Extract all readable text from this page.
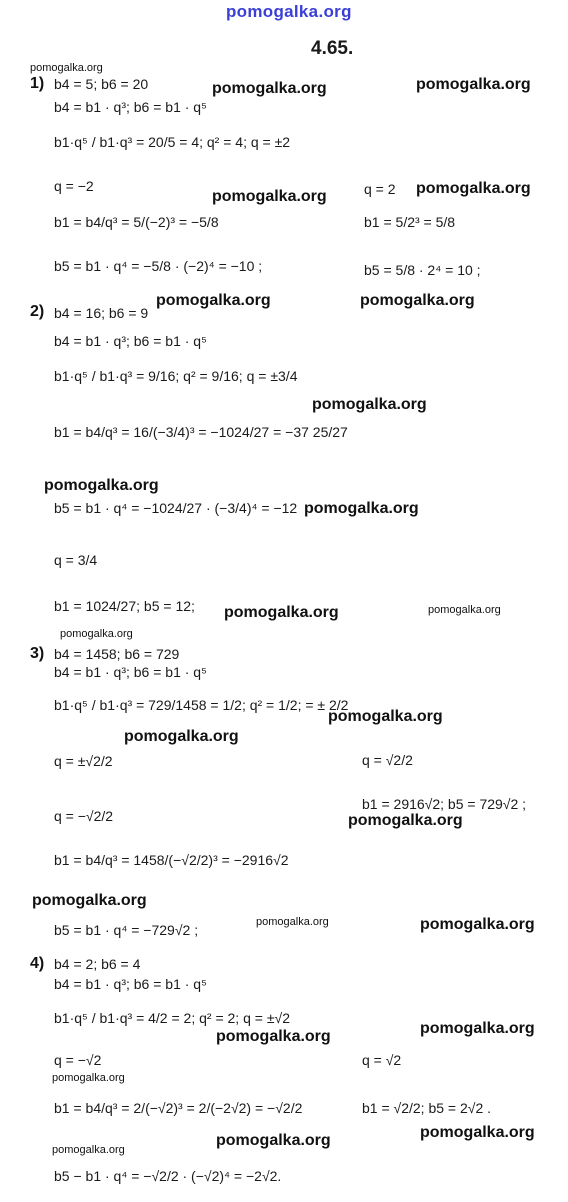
pomogalka.org
4.65.
pomogalka.org
pomogalka.org	pomogalka.org
pomogalka.org	pomogalka.org
pomogalka.org	pomogalka.org
pomogalka.org
pomogalka.org
pomogalka.org
pomogalka.org	pomogalka.org
pomogalka.org
pomogalka.org
pomogalka.org
pomogalka.org
pomogalka.org
pomogalka.org	pomogalka.org
pomogalka.org
pomogalka.org
pomogalka.org
pomogalka.org
pomogalka.org
pomogalka.org
1) b4 = 5; b6 = 20
b4 = b1 · q³; b6 = b1 · q⁵
b1·q⁵ / b1·q³ = 20/5 = 4; q² = 4; q = ±2
q = −2
b1 = b4/q³ = 5/(−2)³ = −5/8
b5 = b1 · q⁴ = −5/8 · (−2)⁴ = −10 ;
q = 2
b1 = 5/2³ = 5/8
b5 = 5/8 · 2⁴ = 10 ;
2) b4 = 16; b6 = 9
b4 = b1 · q³; b6 = b1 · q⁵
b1·q⁵ / b1·q³ = 9/16; q² = 9/16; q = ±3/4
b1 = b4/q³ = 16/(−3/4)³ = −1024/27 = −37 25/27
b5 = b1 · q⁴ = −1024/27 · (−3/4)⁴ = −12
q = 3/4
b1 = 1024/27; b5 = 12;
3) b4 = 1458; b6 = 729
b4 = b1 · q³; b6 = b1 · q⁵
b1·q⁵ / b1·q³ = 729/1458 = 1/2; q² = 1/2; = ± 2/2
q = ±√2/2
q = −√2/2
b1 = b4/q³ = 1458/(−√2/2)³ = −2916√2
b5 = b1 · q⁴ = −729√2 ;
q = √2/2
b1 = 2916√2; b5 = 729√2 ;
4) b4 = 2; b6 = 4
b4 = b1 · q³; b6 = b1 · q⁵
b1·q⁵ / b1·q³ = 4/2 = 2; q² = 2; q = ±√2
q = −√2
b1 = b4/q³ = 2/(−√2)³ = 2/(−2√2) = −√2/2
b5 − b1 · q⁴ = −√2/2 · (−√2)⁴ = −2√2.
q = √2
b1 = √2/2; b5 = 2√2 .
